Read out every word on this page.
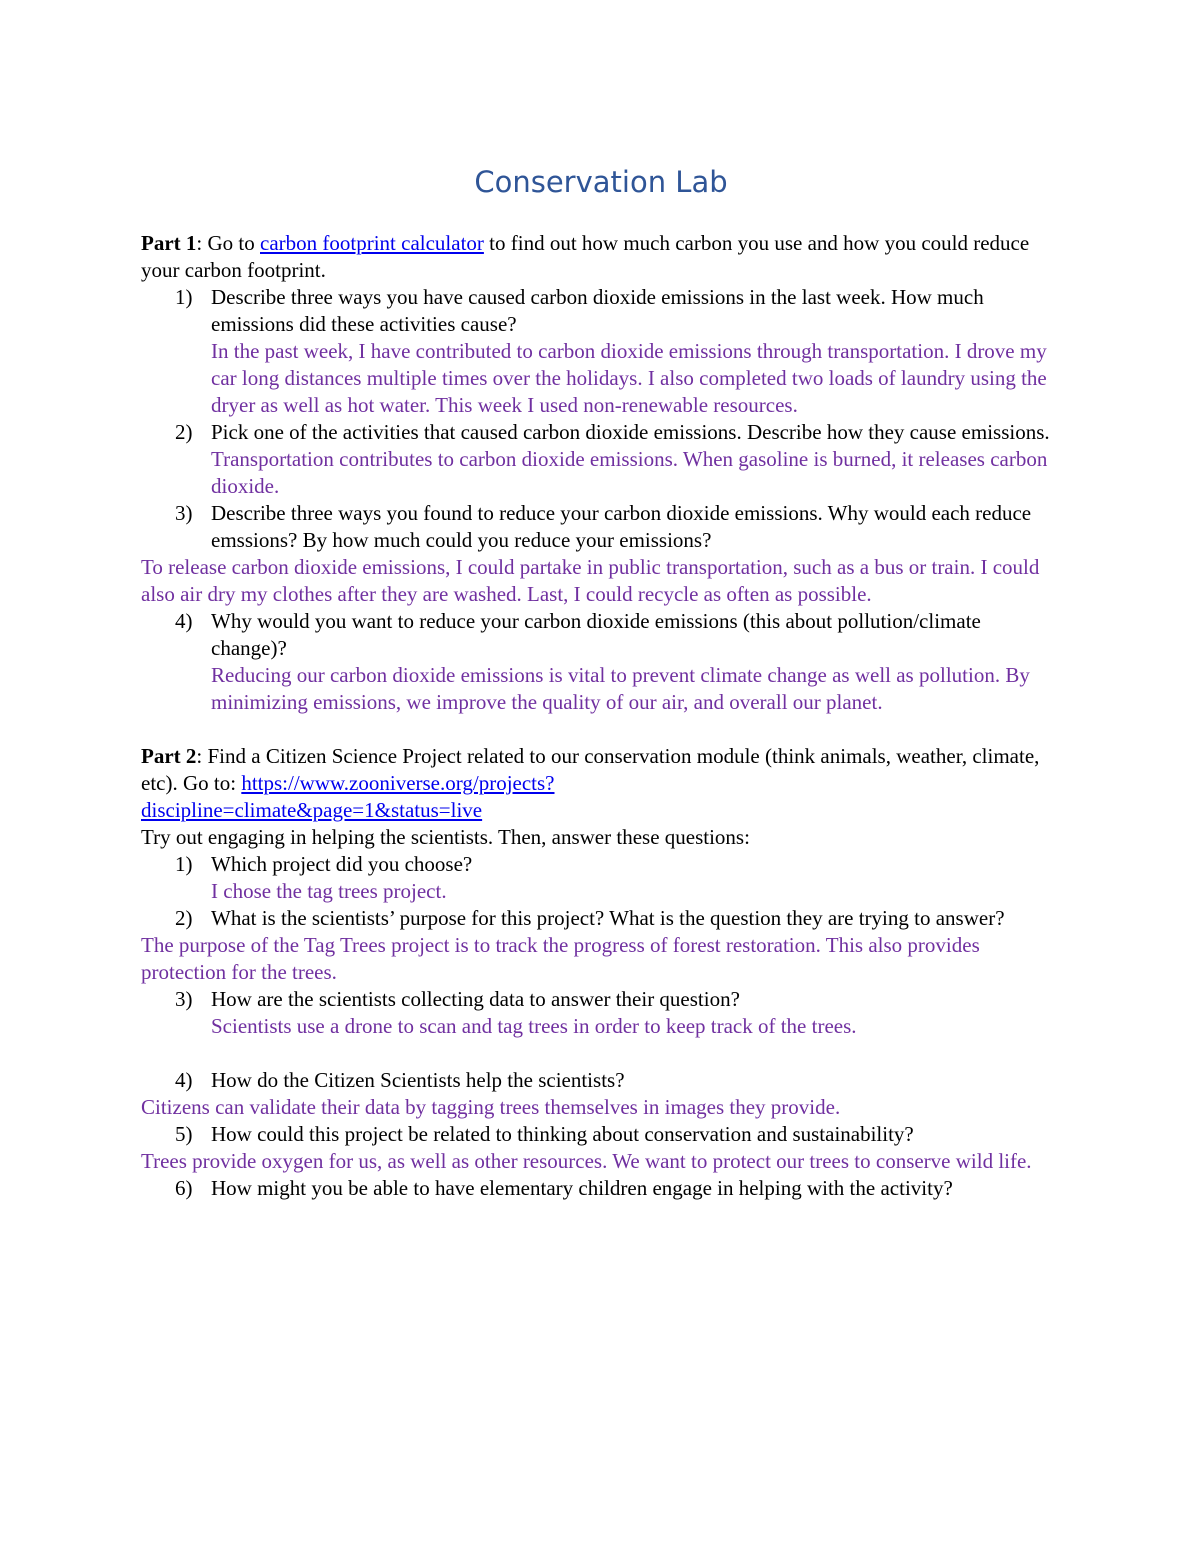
Conservation Lab

Part 1: Go to carbon footprint calculator to find out how much carbon you use and how you could reduce your carbon footprint.

1) Describe three ways you have caused carbon dioxide emissions in the last week. How much emissions did these activities cause?

In the past week, I have contributed to carbon dioxide emissions through transportation. I drove my car long distances multiple times over the holidays. I also completed two loads of laundry using the dryer as well as hot water. This week I used non-renewable resources.

2) Pick one of the activities that caused carbon dioxide emissions. Describe how they cause emissions.

Transportation contributes to carbon dioxide emissions. When gasoline is burned, it releases carbon dioxide.

3) Describe three ways you found to reduce your carbon dioxide emissions. Why would each reduce emssions? By how much could you reduce your emissions?

To release carbon dioxide emissions, I could partake in public transportation, such as a bus or train. I could also air dry my clothes after they are washed. Last, I could recycle as often as possible.

4) Why would you want to reduce your carbon dioxide emissions (this about pollution/climate change)?

Reducing our carbon dioxide emissions is vital to prevent climate change as well as pollution. By minimizing emissions, we improve the quality of our air, and overall our planet.

Part 2: Find a Citizen Science Project related to our conservation module (think animals, weather, climate, etc). Go to: https://www.zooniverse.org/projects?
discipline=climate&page=1&status=live

Try out engaging in helping the scientists. Then, answer these questions:

1) Which project did you choose?

I chose the tag trees project.

2) What is the scientists’ purpose for this project? What is the question they are trying to answer?

The purpose of the Tag Trees project is to track the progress of forest restoration. This also provides protection for the trees.

3) How are the scientists collecting data to answer their question?

Scientists use a drone to scan and tag trees in order to keep track of the trees.

4) How do the Citizen Scientists help the scientists?

Citizens can validate their data by tagging trees themselves in images they provide.

5) How could this project be related to thinking about conservation and sustainability?

Trees provide oxygen for us, as well as other resources. We want to protect our trees to conserve wild life.

6) How might you be able to have elementary children engage in helping with the activity?
